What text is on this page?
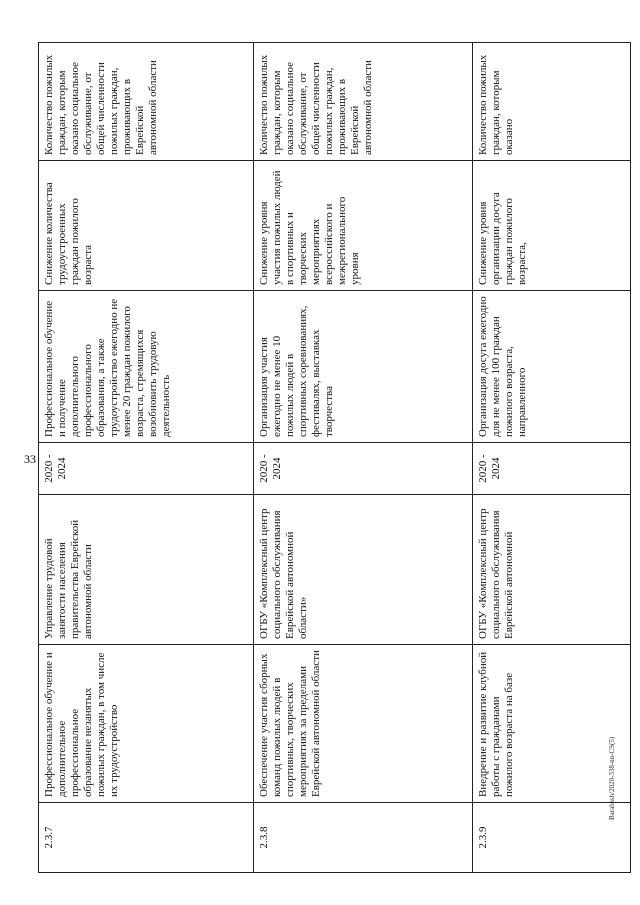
33
Barabash/2020-338-nn-CS(5)
2.3.7	Профессиональное обучение и дополнительное профессиональное образование незанятых пожилых граждан, в том числе их трудоустройство	Управление трудовой занятости населения правительства Еврейской автономной области	2020 - 2024	Профессиональное обучение и получение дополнительного профессионального образования, а также трудоустройство ежегодно не менее 20 граждан пожилого возраста, стремящихся возобновить трудовую деятельность	Снижение количества трудоустроенных граждан пожилого возраста	Количество пожилых граждан, которым оказано социальное обслуживание, от общей численности пожилых граждан, проживающих в Еврейской автономной области
2.3.8	Обеспечение участия сборных команд пожилых людей в спортивных, творческих мероприятиях за пределами Еврейской автономной области	ОГБУ «Комплексный центр социального обслуживания Еврейской автономной области»	2020 - 2024	Организация участия ежегодно не менее 10 пожилых людей в спортивных соревнованиях, фестивалях, выставках творчества	Снижение уровня участия пожилых людей в спортивных и творческих мероприятиях всероссийского и межрегионального уровня	Количество пожилых граждан, которым оказано социальное обслуживание, от общей численности пожилых граждан, проживающих в Еврейской автономной области
2.3.9	Внедрение и развитие клубной работы с гражданами пожилого возраста на базе	ОГБУ «Комплексный центр социального обслуживания Еврейской автономной	2020 - 2024	Организация досуга ежегодно для не менее 100 граждан пожилого возраста, направленного	Снижение уровня организации досуга граждан пожилого возраста,	Количество пожилых граждан, которым оказано
